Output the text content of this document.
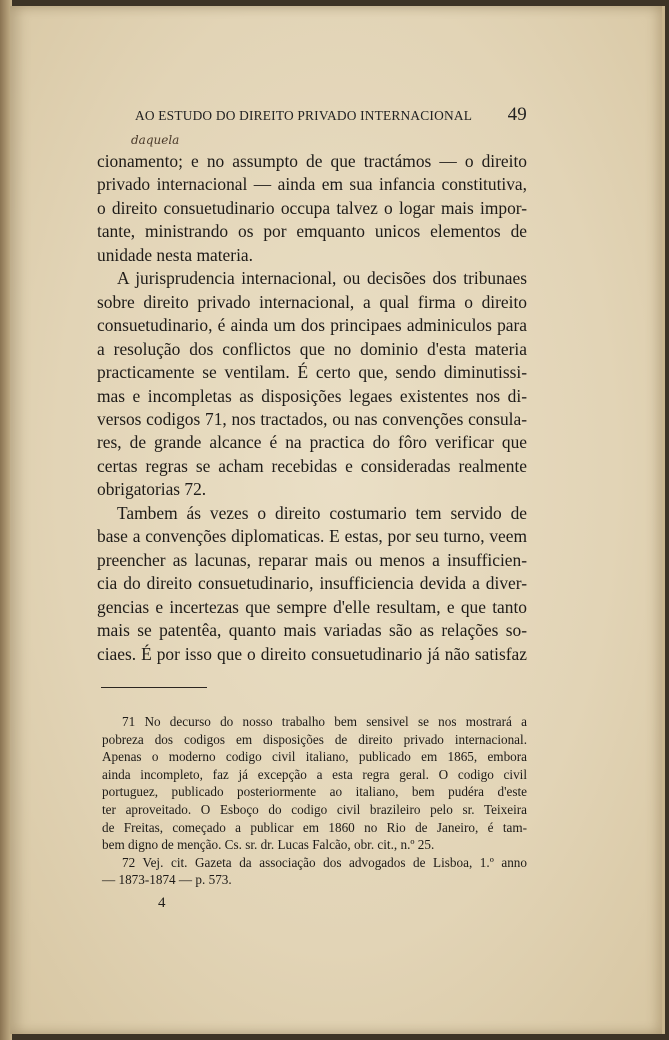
AO ESTUDO DO DIREITO PRIVADO INTERNACIONAL 49
daquela

cionamento; e no assumpto de que tractámos — o direito
privado internacional — ainda em sua infancia constitutiva,
o direito consuetudinario occupa talvez o logar mais impor-
tante, ministrando os por emquanto unicos elementos de
unidade nesta materia.

A jurisprudencia internacional, ou decisões dos tribunaes
sobre direito privado internacional, a qual firma o direito
consuetudinario, é ainda um dos principaes adminiculos para
a resolução dos conflictos que no dominio d'esta materia
practicamente se ventilam. É certo que, sendo diminutissi-
mas e incompletas as disposições legaes existentes nos di-
versos codigos 71, nos tractados, ou nas convenções consula-
res, de grande alcance é na practica do fôro verificar que
certas regras se acham recebidas e consideradas realmente
obrigatorias 72.

Tambem ás vezes o direito costumario tem servido de
base a convenções diplomaticas. E estas, por seu turno, veem
preencher as lacunas, reparar mais ou menos a insufficien-
cia do direito consuetudinario, insufficiencia devida a diver-
gencias e incertezas que sempre d'elle resultam, e que tanto
mais se patentêa, quanto mais variadas são as relações so-
ciaes. É por isso que o direito consuetudinario já não satisfaz

71 No decurso do nosso trabalho bem sensivel se nos mostrará a
pobreza dos codigos em disposições de direito privado internacional.
Apenas o moderno codigo civil italiano, publicado em 1865, embora
ainda incompleto, faz já excepção a esta regra geral. O codigo civil
portuguez, publicado posteriormente ao italiano, bem pudéra d'este
ter aproveitado. O Esboço do codigo civil brazileiro pelo sr. Teixeira
de Freitas, começado a publicar em 1860 no Rio de Janeiro, é tam-
bem digno de menção. Cs. sr. dr. Lucas Falcão, obr. cit., n.º 25.
72 Vej. cit. Gazeta da associação dos advogados de Lisboa, 1.º anno
— 1873-1874 — p. 573.
4
